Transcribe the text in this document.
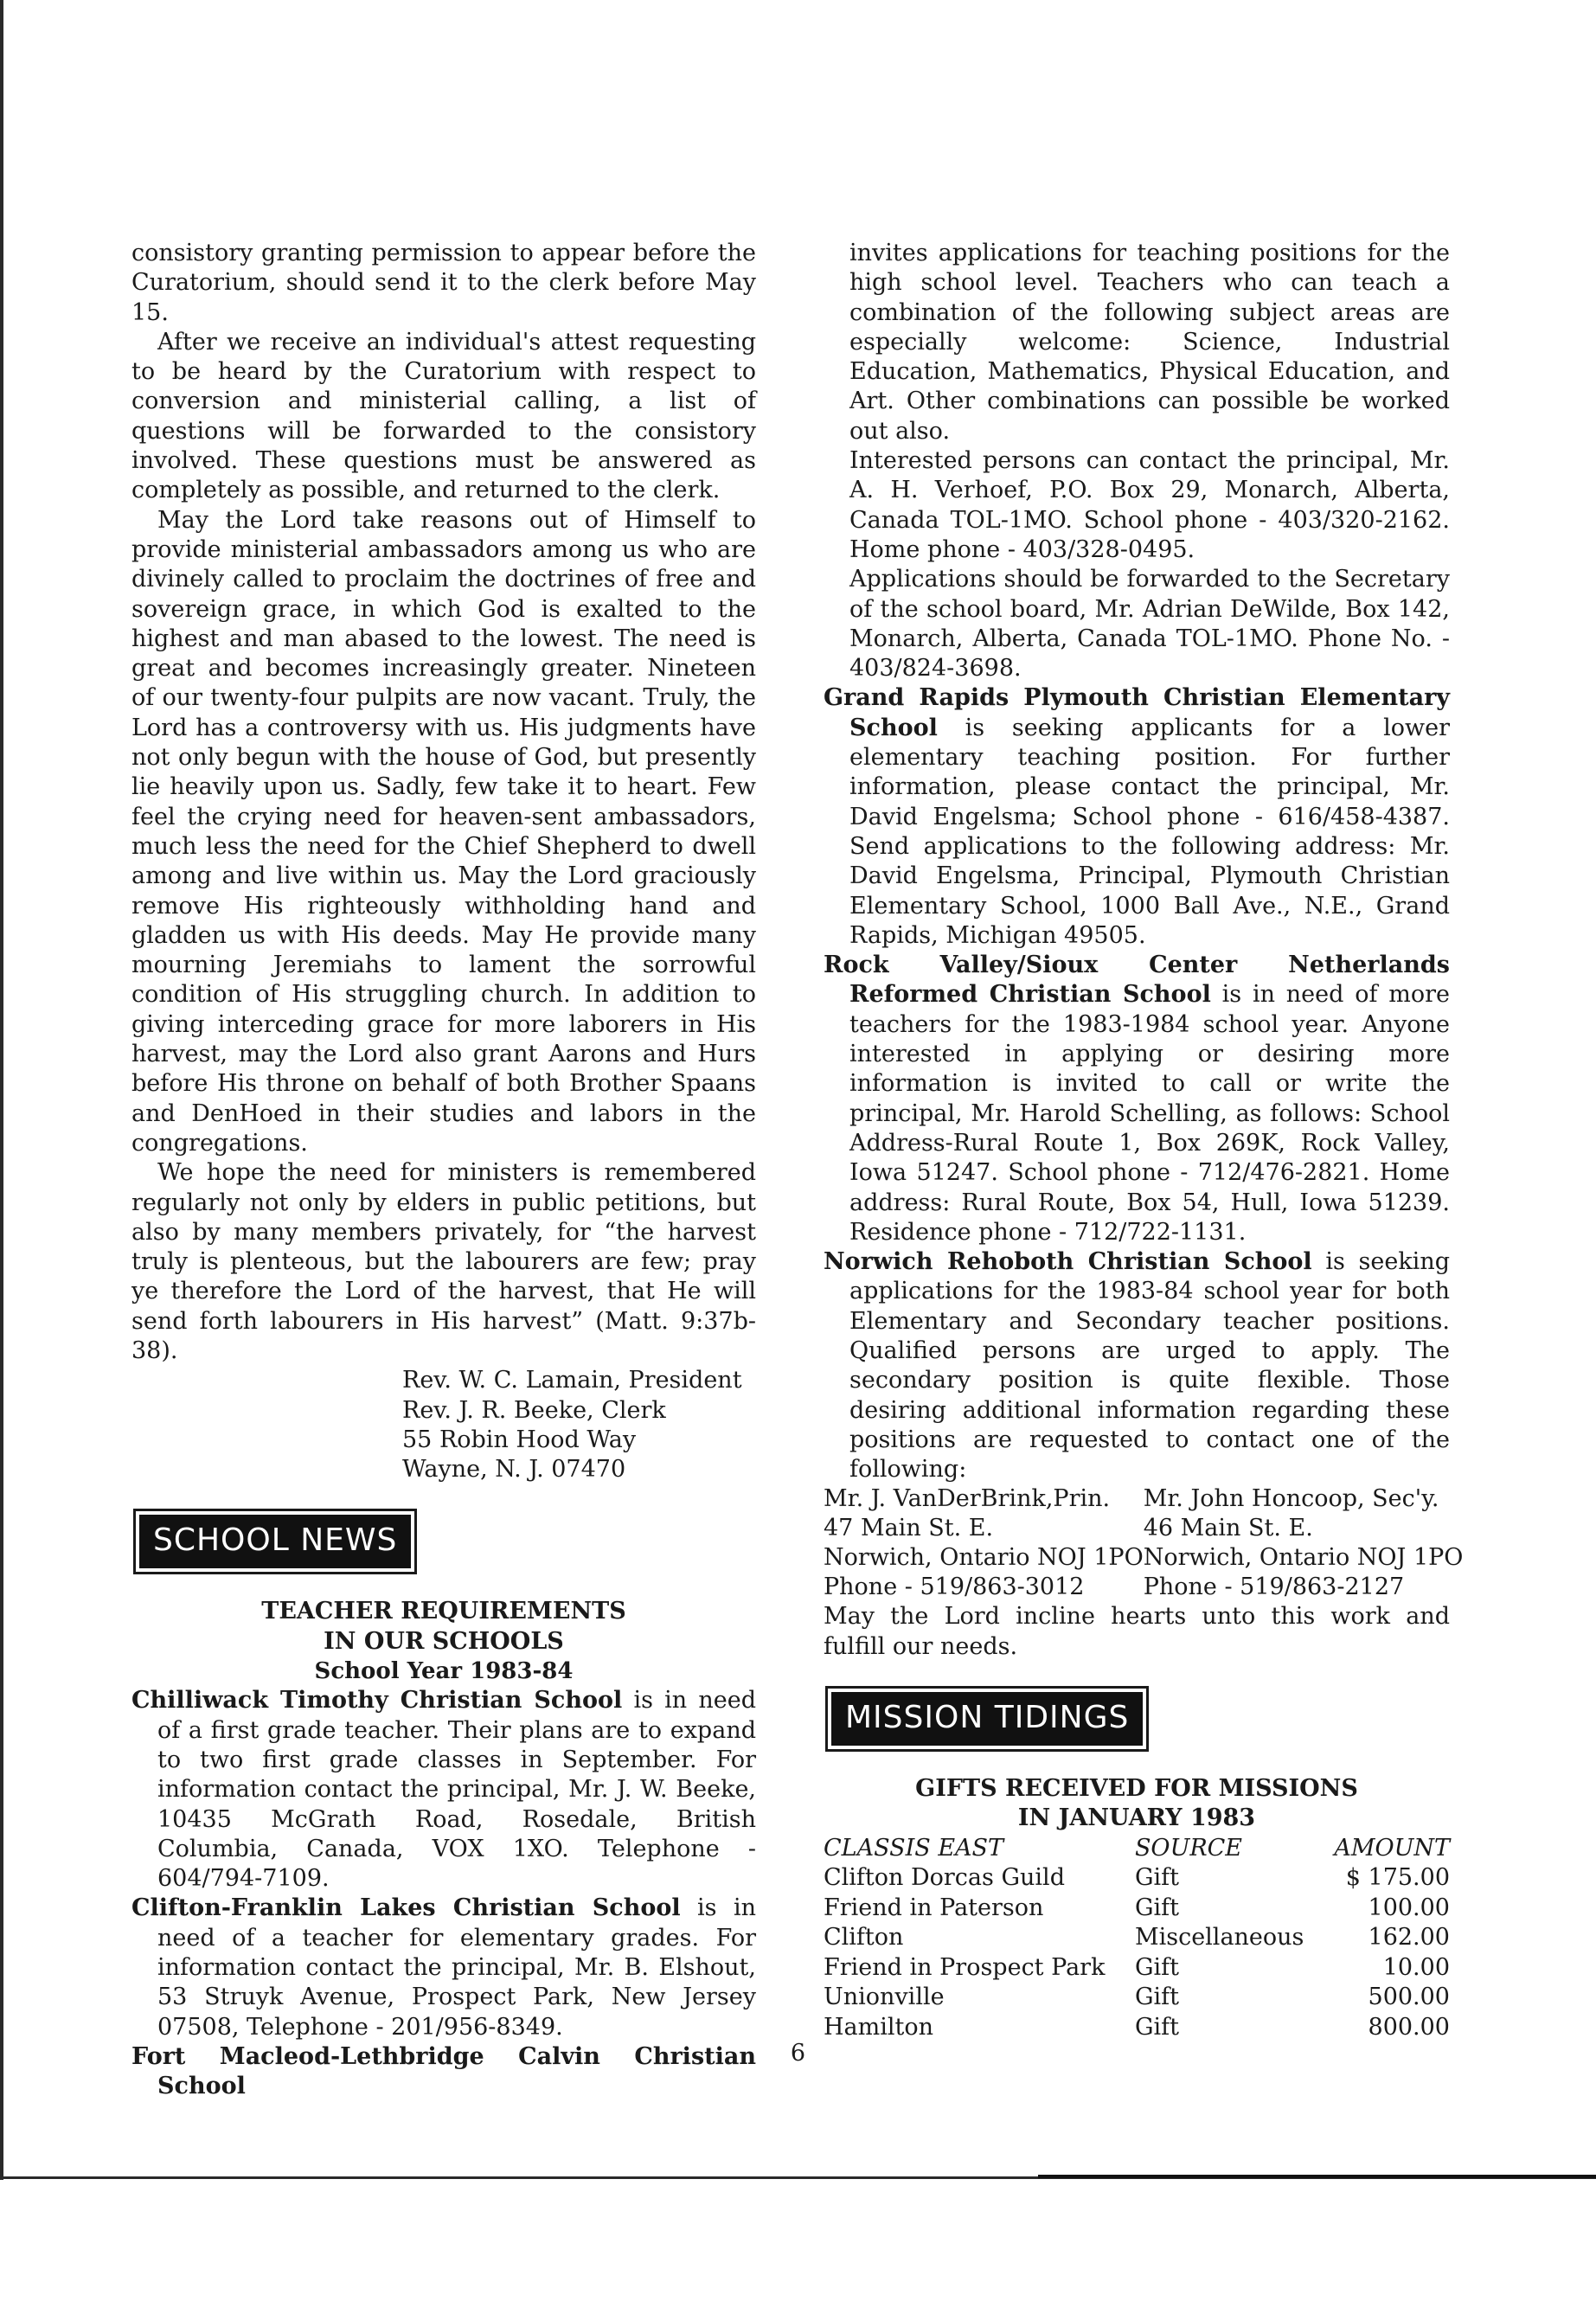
consistory granting permission to appear before the Curatorium, should send it to the clerk before May 15.

After we receive an individual's attest requesting to be heard by the Curatorium with respect to conversion and ministerial calling, a list of questions will be forwarded to the consistory involved. These questions must be answered as completely as possible, and returned to the clerk.

May the Lord take reasons out of Himself to provide ministerial ambassadors among us who are divinely called to proclaim the doctrines of free and sovereign grace, in which God is exalted to the highest and man abased to the lowest. The need is great and becomes increasingly greater. Nineteen of our twenty-four pulpits are now vacant. Truly, the Lord has a controversy with us. His judgments have not only begun with the house of God, but presently lie heavily upon us. Sadly, few take it to heart. Few feel the crying need for heaven-sent ambassadors, much less the need for the Chief Shepherd to dwell among and live within us. May the Lord graciously remove His righteously withholding hand and gladden us with His deeds. May He provide many mourning Jeremiahs to lament the sorrowful condition of His struggling church. In addition to giving interceding grace for more laborers in His harvest, may the Lord also grant Aarons and Hurs before His throne on behalf of both Brother Spaans and DenHoed in their studies and labors in the congregations.

We hope the need for ministers is remembered regularly not only by elders in public petitions, but also by many members privately, for “the harvest truly is plenteous, but the labourers are few; pray ye therefore the Lord of the harvest, that He will send forth labourers in His harvest” (Matt. 9:37b-38).

Rev. W. C. Lamain, President
Rev. J. R. Beeke, Clerk
55 Robin Hood Way
Wayne, N. J. 07470
SCHOOL NEWS
TEACHER REQUIREMENTS
IN OUR SCHOOLS
School Year 1983-84

Chilliwack Timothy Christian School is in need of a first grade teacher. Their plans are to expand to two first grade classes in September. For information contact the principal, Mr. J. W. Beeke, 10435 McGrath Road, Rosedale, British Columbia, Canada, VOX 1XO. Telephone - 604/794-7109.

Clifton-Franklin Lakes Christian School is in need of a teacher for elementary grades. For information contact the principal, Mr. B. Elshout, 53 Struyk Avenue, Prospect Park, New Jersey 07508, Telephone - 201/956-8349.

Fort Macleod-Lethbridge Calvin Christian School

invites applications for teaching positions for the high school level. Teachers who can teach a combination of the following subject areas are especially welcome: Science, Industrial Education, Mathematics, Physical Education, and Art. Other combinations can possible be worked out also.

Interested persons can contact the principal, Mr. A. H. Verhoef, P.O. Box 29, Monarch, Alberta, Canada TOL-1MO. School phone - 403/320-2162. Home phone - 403/328-0495.

Applications should be forwarded to the Secretary of the school board, Mr. Adrian DeWilde, Box 142, Monarch, Alberta, Canada TOL-1MO. Phone No. - 403/824-3698.

Grand Rapids Plymouth Christian Elementary School is seeking applicants for a lower elementary teaching position. For further information, please contact the principal, Mr. David Engelsma; School phone - 616/458-4387. Send applications to the following address: Mr. David Engelsma, Principal, Plymouth Christian Elementary School, 1000 Ball Ave., N.E., Grand Rapids, Michigan 49505.

Rock Valley/Sioux Center Netherlands Reformed Christian School is in need of more teachers for the 1983-1984 school year. Anyone interested in applying or desiring more information is invited to call or write the principal, Mr. Harold Schelling, as follows: School Address-Rural Route 1, Box 269K, Rock Valley, Iowa 51247. School phone - 712/476-2821. Home address: Rural Route, Box 54, Hull, Iowa 51239. Residence phone - 712/722-1131.

Norwich Rehoboth Christian School is seeking applications for the 1983-84 school year for both Elementary and Secondary teacher positions. Qualified persons are urged to apply. The secondary position is quite flexible. Those desiring additional information regarding these positions are requested to contact one of the following:

Mr. J. VanDerBrink,Prin.	Mr. John Honcoop, Sec'y.
47 Main St. E.	46 Main St. E.
Norwich, Ontario NOJ 1PO	Norwich, Ontario NOJ 1PO
Phone - 519/863-3012	Phone - 519/863-2127

May the Lord incline hearts unto this work and fulfill our needs.

MISSION TIDINGS
GIFTS RECEIVED FOR MISSIONS
IN JANUARY 1983
CLASSIS EAST	SOURCE	AMOUNT
Clifton Dorcas Guild	Gift	$ 175.00
Friend in Paterson	Gift	100.00
Clifton	Miscellaneous	162.00
Friend in Prospect Park	Gift	10.00
Unionville	Gift	500.00
Hamilton	Gift	800.00
6
